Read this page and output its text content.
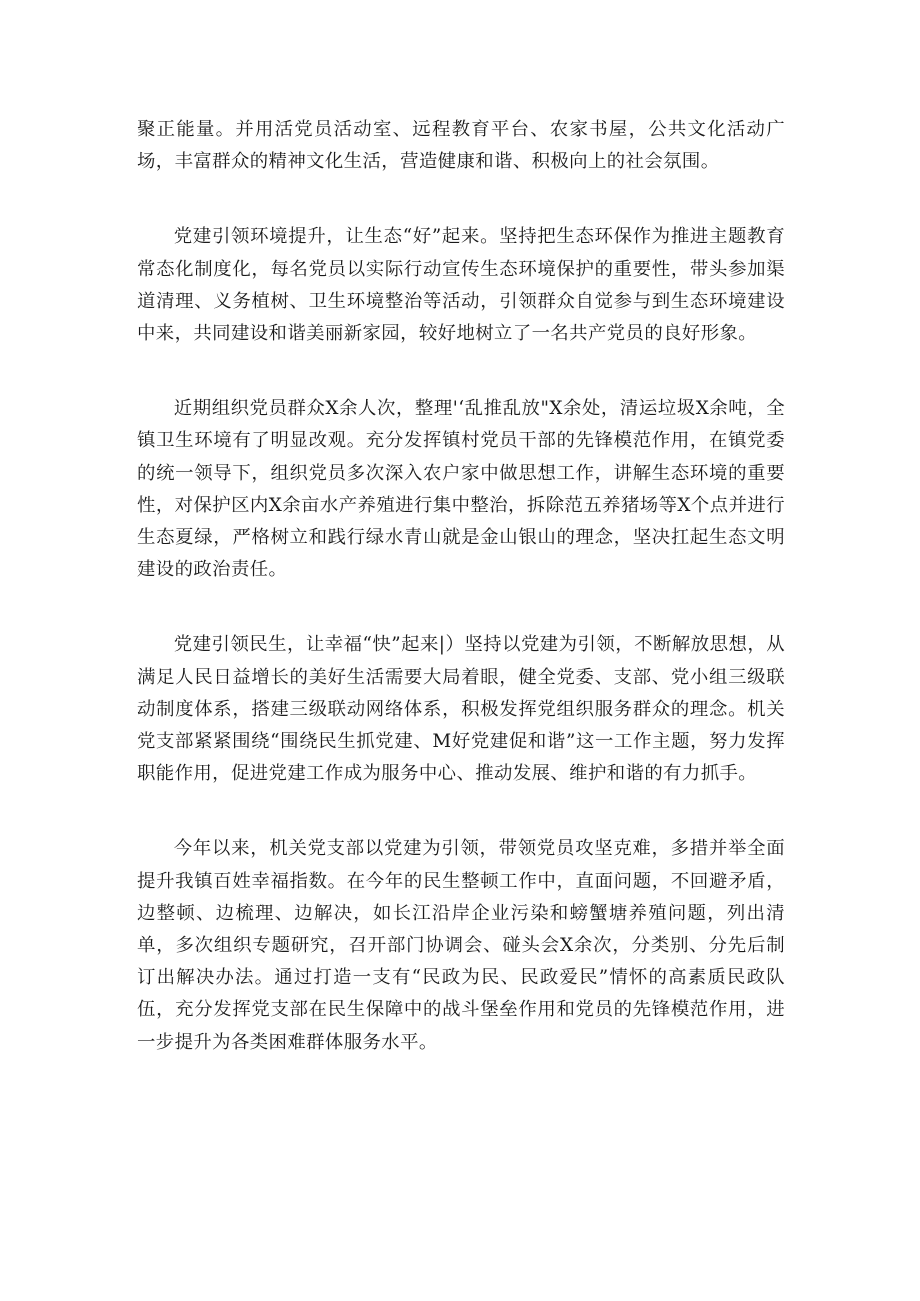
聚正能量。并用活党员活动室、远程教育平台、农家书屋，公共文化活动广场，丰富群众的精神文化生活，营造健康和谐、积极向上的社会氛围。

党建引领环境提升，让生态“好”起来。坚持把生态环保作为推进主题教育常态化制度化，每名党员以实际行动宣传生态环境保护的重要性，带头参加渠道清理、义务植树、卫生环境整治等活动，引领群众自觉参与到生态环境建设中来，共同建设和谐美丽新家园，较好地树立了一名共产党员的良好形象。

近期组织党员群众X余人次，整理'‘乱推乱放"X余处，清运垃圾X余吨，全镇卫生环境有了明显改观。充分发挥镇村党员干部的先锋模范作用，在镇党委的统一领导下，组织党员多次深入农户家中做思想工作，讲解生态环境的重要性，对保护区内X余亩水产养殖进行集中整治，拆除范五养猪场等X个点并进行生态夏绿，严格树立和践行绿水青山就是金山银山的理念，坚决扛起生态文明建设的政治责任。

党建引领民生，让幸福“快”起来|）坚持以党建为引领，不断解放思想，从满足人民日益增长的美好生活需要大局着眼，健全党委、支部、党小组三级联动制度体系，搭建三级联动网络体系，积极发挥党组织服务群众的理念。机关党支部紧紧围绕“围绕民生抓党建、M好党建促和谐”这一工作主题，努力发挥职能作用，促进党建工作成为服务中心、推动发展、维护和谐的有力抓手。

今年以来，机关党支部以党建为引领，带领党员攻坚克难，多措并举全面提升我镇百姓幸福指数。在今年的民生整顿工作中，直面问题，不回避矛盾，边整顿、边梳理、边解决，如长江沿岸企业污染和螃蟹塘养殖问题，列出清单，多次组织专题研究，召开部门协调会、碰头会X余次，分类别、分先后制订出解决办法。通过打造一支有“民政为民、民政爱民”情怀的高素质民政队伍，充分发挥党支部在民生保障中的战斗堡垒作用和党员的先锋模范作用，进一步提升为各类困难群体服务水平。
